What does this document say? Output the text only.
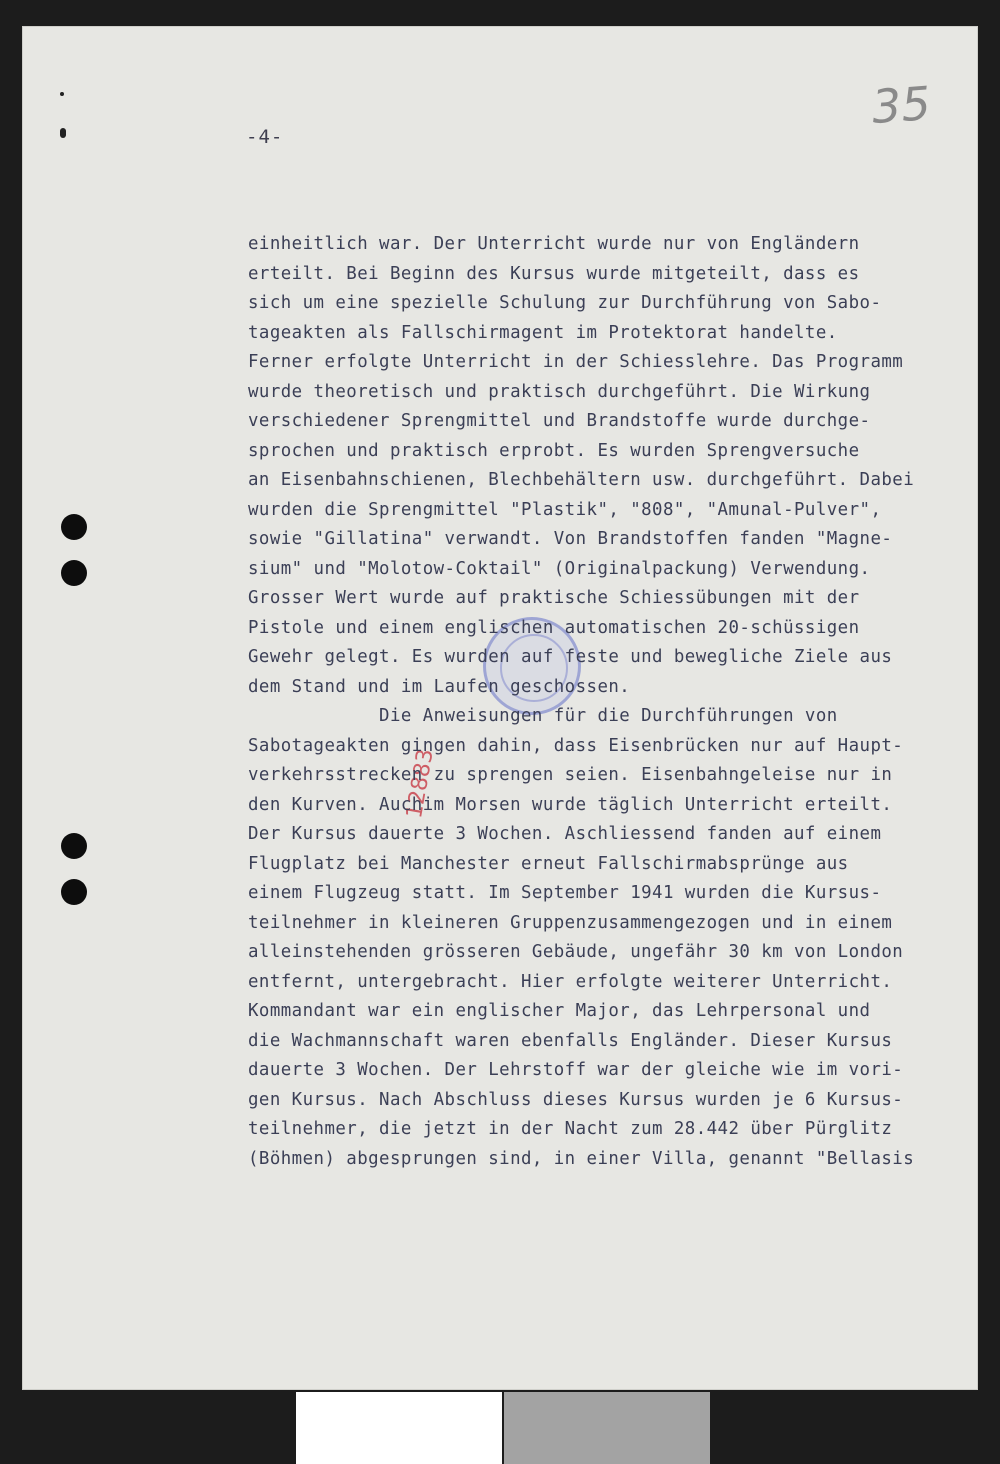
-4-
35
12883
einheitlich war. Der Unterricht wurde nur von Engländern
erteilt. Bei Beginn des Kursus wurde mitgeteilt, dass es
sich um eine spezielle Schulung zur Durchführung von Sabo-
tageakten als Fallschirmagent im Protektorat handelte.
Ferner erfolgte Unterricht in der Schiesslehre. Das Programm
wurde theoretisch und praktisch durchgeführt. Die Wirkung
verschiedener Sprengmittel und Brandstoffe wurde durchge-
sprochen und praktisch erprobt. Es wurden Sprengversuche
an Eisenbahnschienen, Blechbehältern usw. durchgeführt. Dabei
wurden die Sprengmittel "Plastik", "808", "Amunal-Pulver",
sowie "Gillatina" verwandt. Von Brandstoffen fanden "Magne-
sium" und "Molotow-Coktail" (Originalpackung) Verwendung.
Grosser Wert wurde auf praktische Schiessübungen mit der
Pistole und einem englischen automatischen 20-schüssigen
Gewehr gelegt. Es wurden auf feste und bewegliche Ziele aus
dem Stand und im Laufen geschossen.
Die Anweisungen für die Durchführungen von
Sabotageakten gingen dahin, dass Eisenbrücken nur auf Haupt-
verkehrsstrecken zu sprengen seien. Eisenbahngeleise nur in
den Kurven. Auchim Morsen wurde täglich Unterricht erteilt.
Der Kursus dauerte 3 Wochen. Aschliessend fanden auf einem
Flugplatz bei Manchester erneut Fallschirmabsprünge aus
einem Flugzeug statt. Im September 1941 wurden die Kursus-
teilnehmer in kleineren Gruppenzusammengezogen und in einem
alleinstehenden grösseren Gebäude, ungefähr 30 km von London
entfernt, untergebracht. Hier erfolgte weiterer Unterricht.
Kommandant war ein englischer Major, das Lehrpersonal und
die Wachmannschaft waren ebenfalls Engländer. Dieser Kursus
dauerte 3 Wochen. Der Lehrstoff war der gleiche wie im vori-
gen Kursus. Nach Abschluss dieses Kursus wurden je 6 Kursus-
teilnehmer, die jetzt in der Nacht zum 28.442 über Pürglitz
(Böhmen) abgesprungen sind, in einer Villa, genannt "Bellasis
